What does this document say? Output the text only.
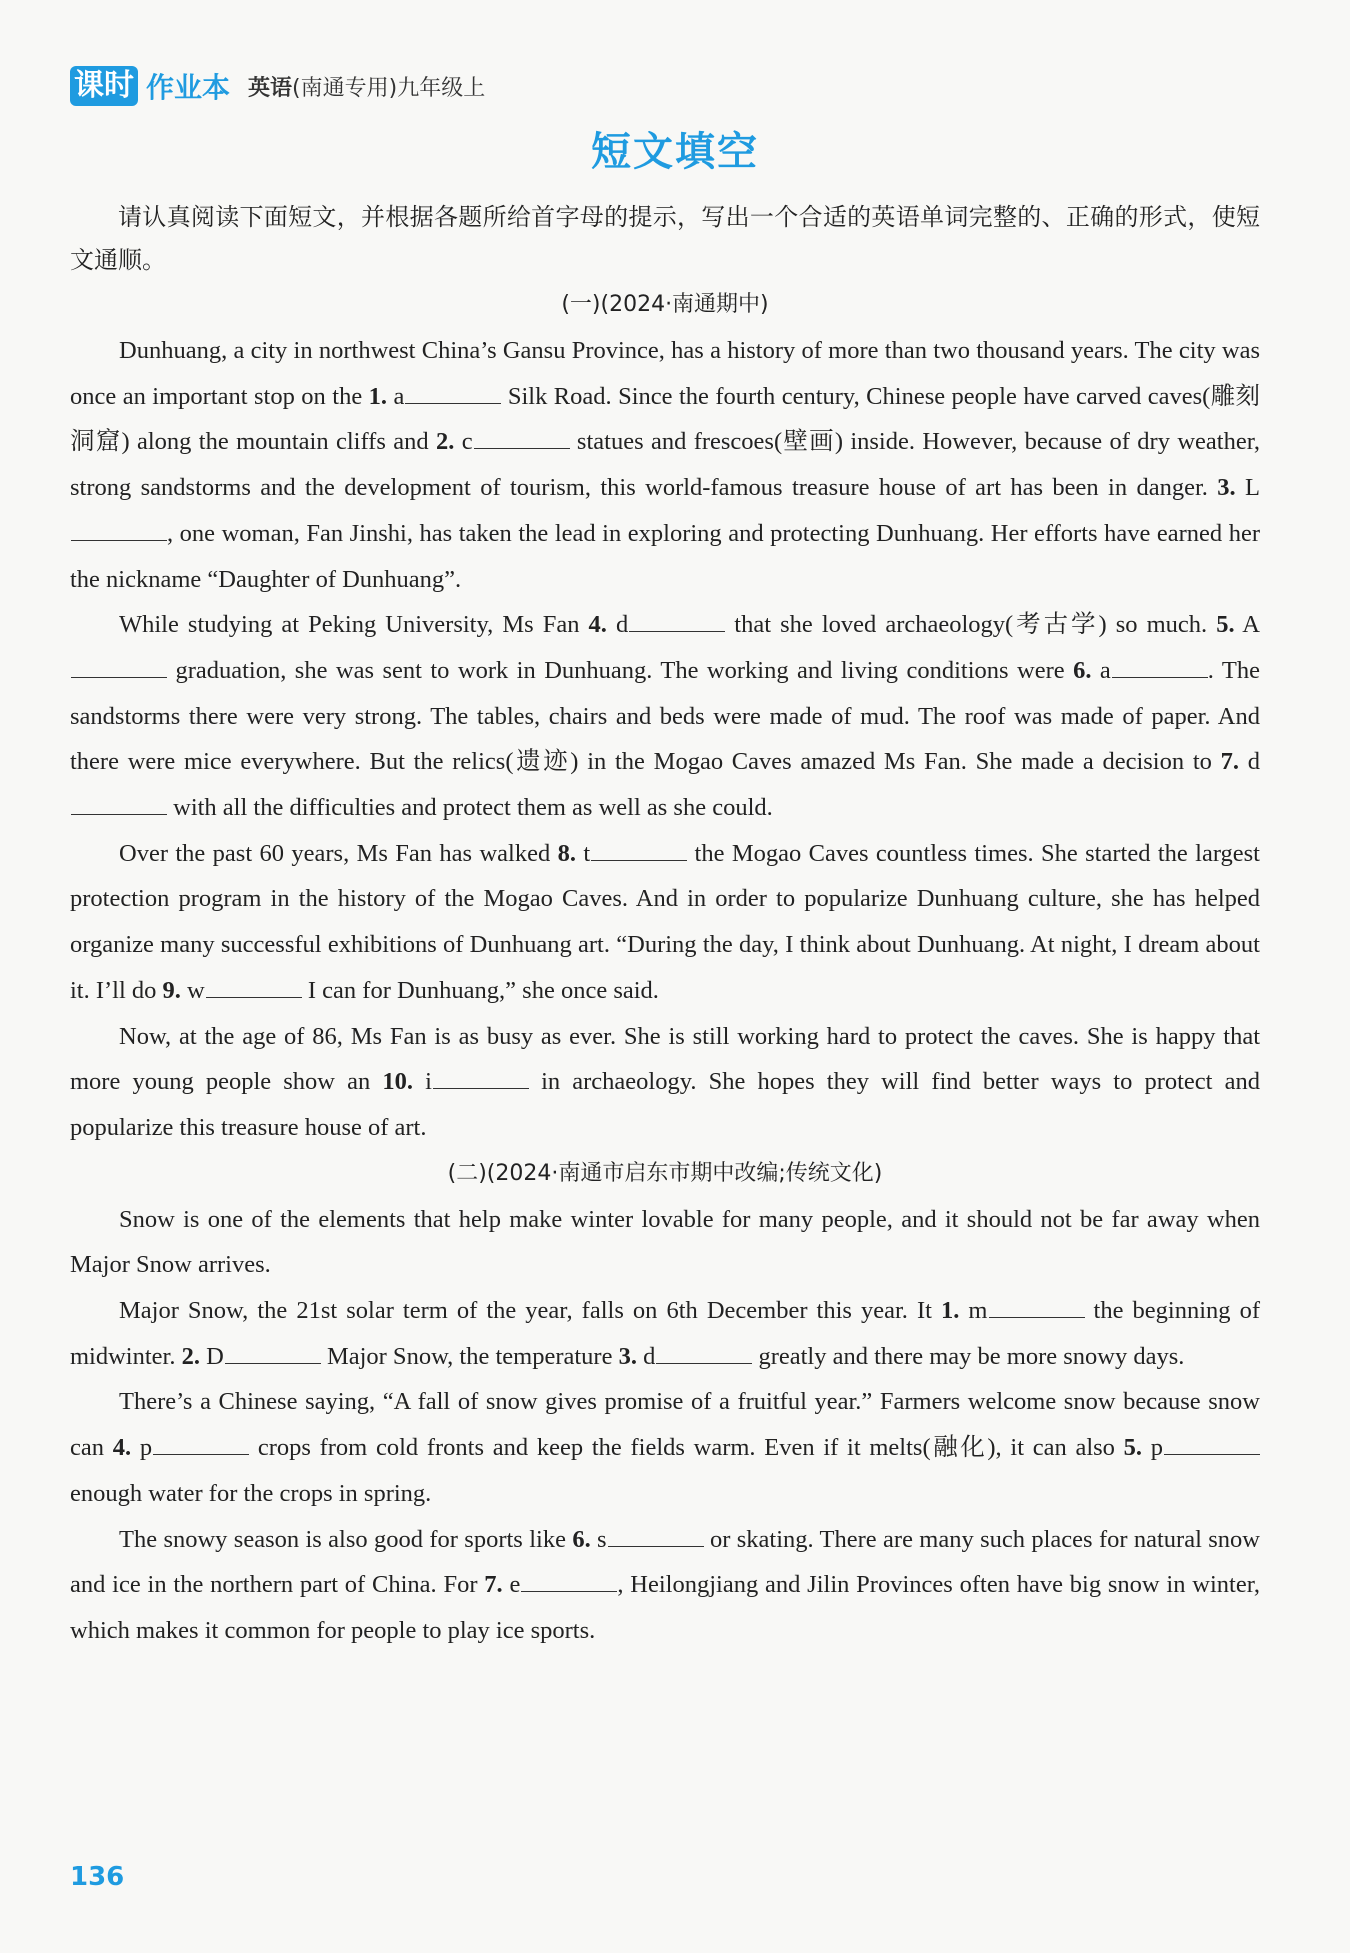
课时 作业本 英语(南通专用)九年级上
短文填空

请认真阅读下面短文，并根据各题所给首字母的提示，写出一个合适的英语单词完整的、正确的形式，使短文通顺。

(一)(2024·南通期中)

Dunhuang, a city in northwest China’s Gansu Province, has a history of more than two thousand years. The city was once an important stop on the 1. a	Silk Road. Since the fourth century, Chinese people have carved caves(雕刻洞窟) along the mountain cliffs and 2. c	statues and frescoes(壁画) inside. However, because of dry weather, strong sandstorms and the development of tourism, this world-famous treasure house of art has been in danger. 3. L, one woman, Fan Jinshi, has taken the lead in exploring and protecting Dunhuang. Her efforts have earned her the nickname “Daughter of Dunhuang”.

While studying at Peking University, Ms Fan 4. d	that she loved archaeology(考古学) so much. 5. A graduation, she was sent to work in Dunhuang. The working and living conditions were 6. a	. The sandstorms there were very strong. The tables, chairs and beds were made of mud. The roof was made of paper. And there were mice everywhere. But the relics(遗迹) in the Mogao Caves amazed Ms Fan. She made a decision to 7. d with all the difficulties and protect them as well as she could.

Over the past 60 years, Ms Fan has walked 8. t	the Mogao Caves countless times. She started the largest protection program in the history of the Mogao Caves. And in order to popularize Dunhuang culture, she has helped organize many successful exhibitions of Dunhuang art. “During the day, I think about Dunhuang. At night, I dream about it. I’ll do 9. w	I can for Dunhuang,” she once said.

Now, at the age of 86, Ms Fan is as busy as ever. She is still working hard to protect the caves. She is happy that more young people show an 10. i	in archaeology. She hopes they will find better ways to protect and popularize this treasure house of art.

(二)(2024·南通市启东市期中改编;传统文化)

Snow is one of the elements that help make winter lovable for many people, and it should not be far away when Major Snow arrives.

Major Snow, the 21st solar term of the year, falls on 6th December this year. It 1. m	the beginning of midwinter. 2. D	Major Snow, the temperature 3. d	greatly and there may be more snowy days.

There’s a Chinese saying, “A fall of snow gives promise of a fruitful year.” Farmers welcome snow because snow can 4. p	crops from cold fronts and keep the fields warm. Even if it melts(融化), it can also 5. p enough water for the crops in spring.

The snowy season is also good for sports like 6. s	or skating. There are many such places for natural snow and ice in the northern part of China. For 7. e	, Heilongjiang and Jilin Provinces often have big snow in winter, which makes it common for people to play ice sports.

136
